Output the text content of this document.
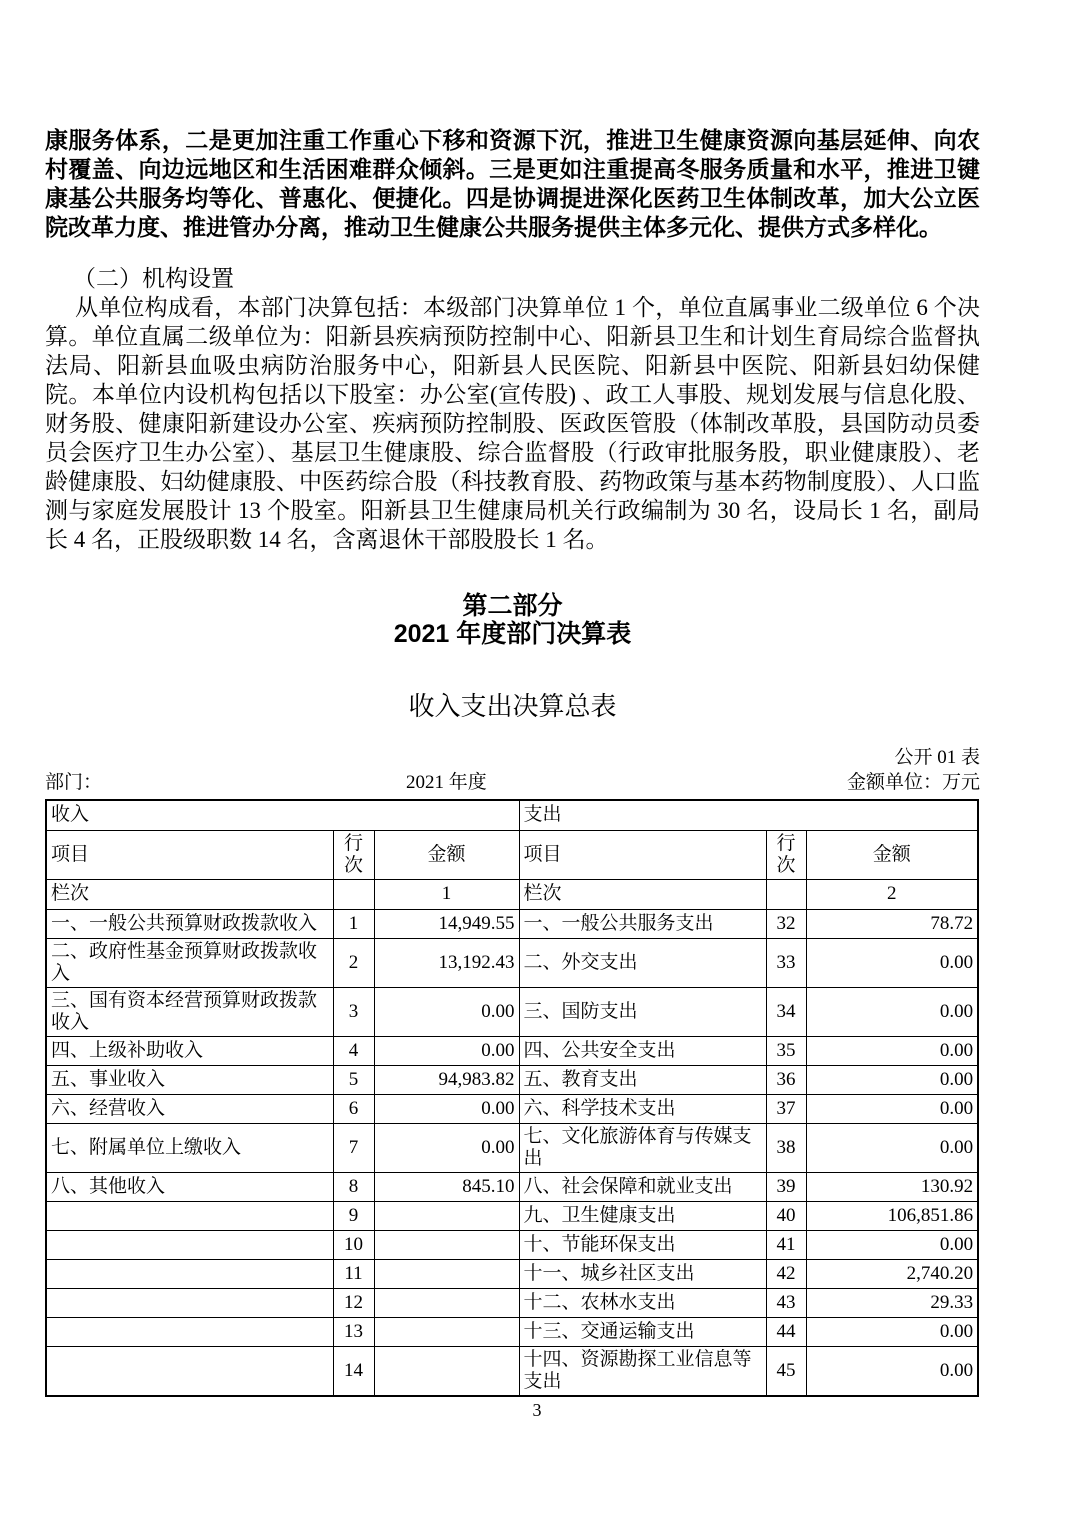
康服务体系，二是更加注重工作重心下移和资源下沉，推进卫生健康资源向基层延伸、向农村覆盖、向边远地区和生活困难群众倾斜。三是更如注重提高冬服务质量和水平，推进卫键康基公共服务均等化、普惠化、便捷化。四是协调提进深化医药卫生体制改革，加大公立医院改革力度、推进管办分离，推动卫生健康公共服务提供主体多元化、提供方式多样化。

（二）机构设置

从单位构成看，本部门决算包括：本级部门决算单位 1 个，单位直属事业二级单位 6 个决算。单位直属二级单位为：阳新县疾病预防控制中心、阳新县卫生和计划生育局综合监督执法局、阳新县血吸虫病防治服务中心，阳新县人民医院、阳新县中医院、阳新县妇幼保健院。本单位内设机构包括以下股室：办公室(宣传股) 、政工人事股、规划发展与信息化股、财务股、健康阳新建设办公室、疾病预防控制股、医政医管股（体制改革股，县国防动员委员会医疗卫生办公室）、基层卫生健康股、综合监督股（行政审批服务股，职业健康股）、老龄健康股、妇幼健康股、中医药综合股（科技教育股、药物政策与基本药物制度股）、人口监测与家庭发展股计 13 个股室。阳新县卫生健康局机关行政编制为 30 名，设局长 1 名，副局长 4 名，正股级职数 14 名，含离退休干部股股长 1 名。

第二部分

2021 年度部门决算表

收入支出决算总表

公开 01 表
部门：	2021 年度	金额单位：万元
收入			支出		
项目	行次	金额	项目	行次	金额
栏次		1	栏次		2
一、一般公共预算财政拨款收入	1	14,949.55	一、一般公共服务支出	32	78.72
二、政府性基金预算财政拨款收入	2	13,192.43	二、外交支出	33	0.00
三、国有资本经营预算财政拨款收入	3	0.00	三、国防支出	34	0.00
四、上级补助收入	4	0.00	四、公共安全支出	35	0.00
五、事业收入	5	94,983.82	五、教育支出	36	0.00
六、经营收入	6	0.00	六、科学技术支出	37	0.00
七、附属单位上缴收入	7	0.00	七、文化旅游体育与传媒支出	38	0.00
八、其他收入	8	845.10	八、社会保障和就业支出	39	130.92
	9		九、卫生健康支出	40	106,851.86
	10		十、节能环保支出	41	0.00
	11		十一、城乡社区支出	42	2,740.20
	12		十二、农林水支出	43	29.33
	13		十三、交通运输支出	44	0.00
	14		十四、资源勘探工业信息等支出	45	0.00
3
